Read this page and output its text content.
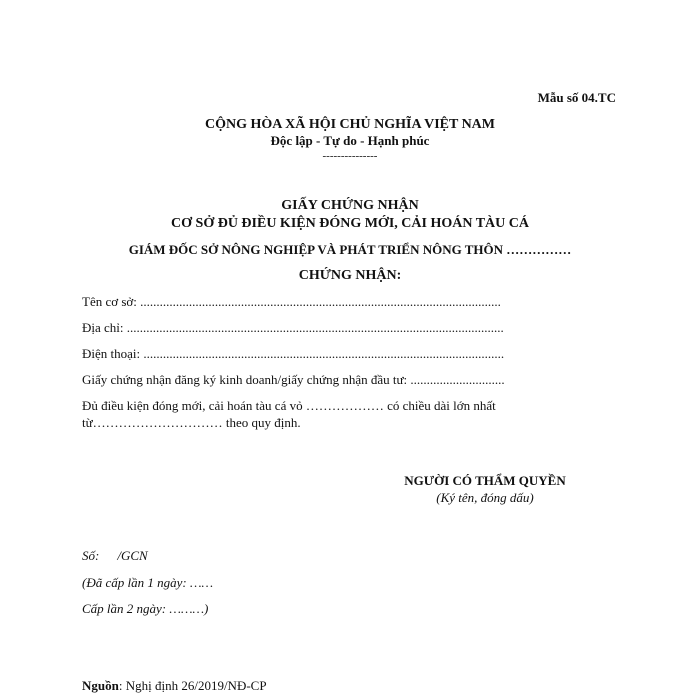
Mẫu số 04.TC
CỘNG HÒA XÃ HỘI CHỦ NGHĨA VIỆT NAM
Độc lập - Tự do - Hạnh phúc
---------------
GIẤY CHỨNG NHẬN
CƠ SỞ ĐỦ ĐIỀU KIỆN ĐÓNG MỚI, CẢI HOÁN TÀU CÁ
GIÁM ĐỐC SỞ NÔNG NGHIỆP VÀ PHÁT TRIỂN NÔNG THÔN ……………
CHỨNG NHẬN:
Tên cơ sở: ...............................................................................................................
Địa chỉ: ....................................................................................................................
Điện thoại: ...............................................................................................................
Giấy chứng nhận đăng ký kinh doanh/giấy chứng nhận đầu tư: .............................
Đủ điều kiện đóng mới, cải hoán tàu cá vỏ ……………… có chiều dài lớn nhất
từ………………………… theo quy định.
NGƯỜI CÓ THẨM QUYỀN
(Ký tên, đóng dấu)
Số: /GCN
(Đã cấp lần 1 ngày: ……
Cấp lần 2 ngày: ………)
Nguồn: Nghị định 26/2019/NĐ-CP
